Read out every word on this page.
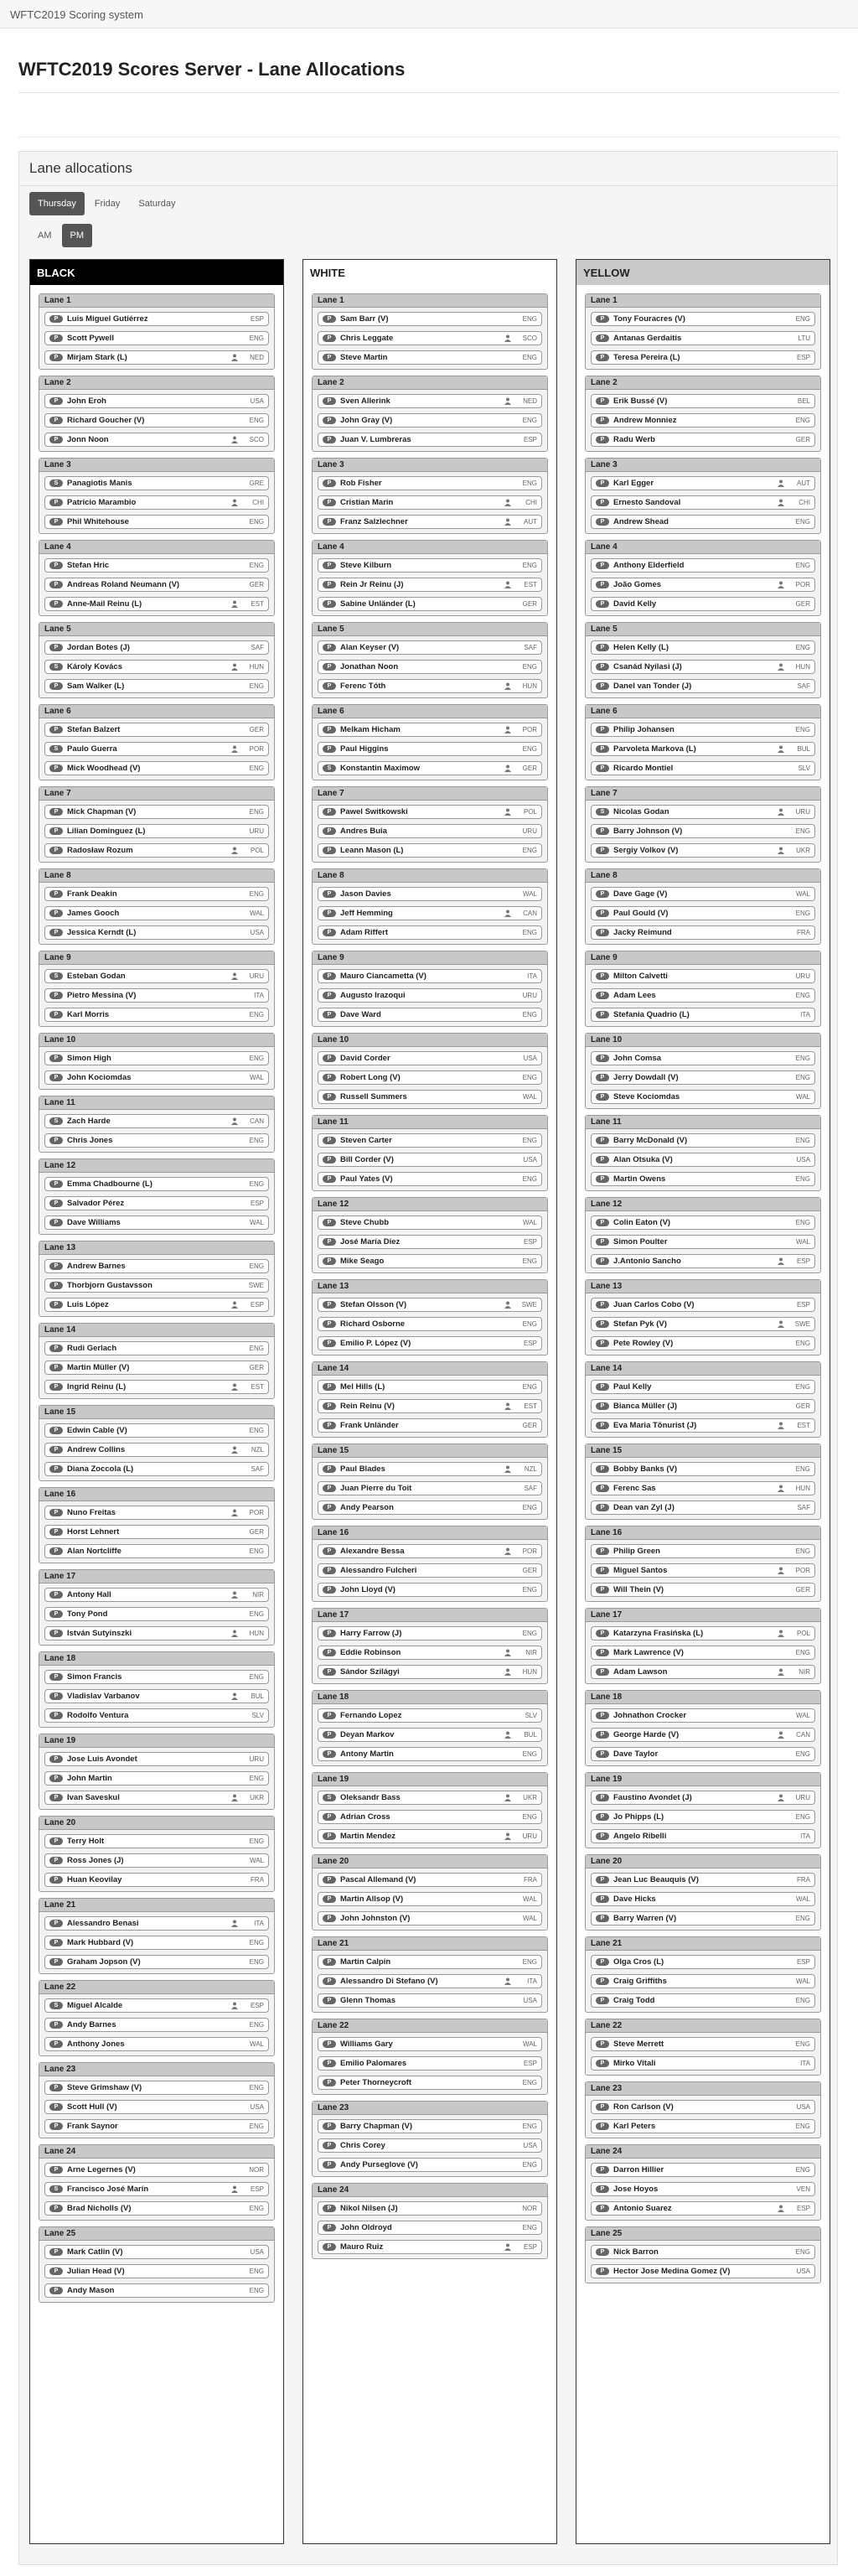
WFTC2019 Scoring system
WFTC2019 Scores Server - Lane Allocations
Lane allocations
Thursday Friday Saturday
AM PM
BLACK
Lane 1
P	Luis Miguel Gutiérrez	ESP
P	Scott Pywell	ENG
P	Mirjam Stark (L)	NED
Lane 2
P	John Eroh	USA
P	Richard Goucher (V)	ENG
P	Jonn Noon	SCO
Lane 3
S	Panagiotis Manis	GRE
P	Patricio Marambio	CHI
P	Phil Whitehouse	ENG
Lane 4
P	Stefan Hric	ENG
P	Andreas Roland Neumann (V)	GER
P	Anne-Mail Reinu (L)	EST
Lane 5
P	Jordan Botes (J)	SAF
S	Károly Kovács	HUN
P	Sam Walker (L)	ENG
Lane 6
P	Stefan Balzert	GER
S	Paulo Guerra	POR
P	Mick Woodhead (V)	ENG
Lane 7
P	Mick Chapman (V)	ENG
P	Lilian Dominguez (L)	URU
P	Radosław Rozum	POL
Lane 8
P	Frank Deakin	ENG
P	James Gooch	WAL
P	Jessica Kerndt (L)	USA
Lane 9
S	Esteban Godan	URU
P	Pietro Messina (V)	ITA
P	Karl Morris	ENG
Lane 10
P	Simon High	ENG
P	John Kociomdas	WAL
Lane 11
S	Zach Harde	CAN
P	Chris Jones	ENG
Lane 12
P	Emma Chadbourne (L)	ENG
P	Salvador Pérez	ESP
P	Dave Williams	WAL
Lane 13
P	Andrew Barnes	ENG
P	Thorbjorn Gustavsson	SWE
P	Luis López	ESP
Lane 14
P	Rudi Gerlach	ENG
P	Martin Müller (V)	GER
P	Ingrid Reinu (L)	EST
Lane 15
P	Edwin Cable (V)	ENG
P	Andrew Collins	NZL
P	Diana Zoccola (L)	SAF
Lane 16
P	Nuno Freitas	POR
P	Horst Lehnert	GER
P	Alan Nortcliffe	ENG
Lane 17
P	Antony Hall	NIR
P	Tony Pond	ENG
P	István Sutyinszki	HUN
Lane 18
P	Simon Francis	ENG
P	Vladislav Varbanov	BUL
P	Rodolfo Ventura	SLV
Lane 19
P	Jose Luis Avondet	URU
P	John Martin	ENG
P	Ivan Saveskul	UKR
Lane 20
P	Terry Holt	ENG
P	Ross Jones (J)	WAL
P	Huan Keovilay	FRA
Lane 21
P	Alessandro Benasi	ITA
P	Mark Hubbard (V)	ENG
P	Graham Jopson (V)	ENG
Lane 22
S	Miguel Alcalde	ESP
P	Andy Barnes	ENG
P	Anthony Jones	WAL
Lane 23
P	Steve Grimshaw (V)	ENG
P	Scott Hull (V)	USA
P	Frank Saynor	ENG
Lane 24
P	Arne Legernes (V)	NOR
S	Francisco José Marín	ESP
P	Brad Nicholls (V)	ENG
Lane 25
P	Mark Catlin (V)	USA
P	Julian Head (V)	ENG
P	Andy Mason	ENG
WHITE
Lane 1
P	Sam Barr (V)	ENG
P	Chris Leggate	SCO
P	Steve Martin	ENG
Lane 2
P	Sven Allerink	NED
P	John Gray (V)	ENG
P	Juan V. Lumbreras	ESP
Lane 3
P	Rob Fisher	ENG
P	Cristian Marin	CHI
P	Franz Salzlechner	AUT
Lane 4
P	Steve Kilburn	ENG
P	Rein Jr Reinu (J)	EST
P	Sabine Unländer (L)	GER
Lane 5
P	Alan Keyser (V)	SAF
P	Jonathan Noon	ENG
P	Ferenc Tóth	HUN
Lane 6
P	Melkam Hicham	POR
P	Paul Higgins	ENG
S	Konstantin Maximow	GER
Lane 7
P	Pawel Switkowski	POL
P	Andres Buia	URU
P	Leann Mason (L)	ENG
Lane 8
P	Jason Davies	WAL
P	Jeff Hemming	CAN
P	Adam Riffert	ENG
Lane 9
P	Mauro Ciancametta (V)	ITA
P	Augusto Irazoqui	URU
P	Dave Ward	ENG
Lane 10
P	David Corder	USA
P	Robert Long (V)	ENG
P	Russell Summers	WAL
Lane 11
P	Steven Carter	ENG
P	Bill Corder (V)	USA
P	Paul Yates (V)	ENG
Lane 12
P	Steve Chubb	WAL
P	José María Díez	ESP
P	Mike Seago	ENG
Lane 13
P	Stefan Olsson (V)	SWE
P	Richard Osborne	ENG
P	Emilio P. López (V)	ESP
Lane 14
P	Mel Hills (L)	ENG
P	Rein Reinu (V)	EST
P	Frank Unländer	GER
Lane 15
P	Paul Blades	NZL
P	Juan Pierre du Toit	SAF
P	Andy Pearson	ENG
Lane 16
P	Alexandre Bessa	POR
P	Alessandro Fulcheri	GER
P	John Lloyd (V)	ENG
Lane 17
P	Harry Farrow (J)	ENG
P	Eddie Robinson	NIR
P	Sándor Szilágyi	HUN
Lane 18
P	Fernando Lopez	SLV
P	Deyan Markov	BUL
P	Antony Martin	ENG
Lane 19
S	Oleksandr Bass	UKR
P	Adrian Cross	ENG
P	Martin Mendez	URU
Lane 20
P	Pascal Allemand (V)	FRA
P	Martin Allsop (V)	WAL
P	John Johnston (V)	WAL
Lane 21
P	Martin Calpin	ENG
P	Alessandro Di Stefano (V)	ITA
P	Glenn Thomas	USA
Lane 22
P	Williams Gary	WAL
P	Emilio Palomares	ESP
P	Peter Thorneycroft	ENG
Lane 23
P	Barry Chapman (V)	ENG
P	Chris Corey	USA
P	Andy Purseglove (V)	ENG
Lane 24
P	Nikol Nilsen (J)	NOR
P	John Oldroyd	ENG
P	Mauro Ruiz	ESP
YELLOW
Lane 1
P	Tony Fouracres (V)	ENG
P	Antanas Gerdaitis	LTU
P	Teresa Pereira (L)	ESP
Lane 2
P	Erik Bussé (V)	BEL
P	Andrew Monniez	ENG
P	Radu Werb	GER
Lane 3
P	Karl Egger	AUT
P	Ernesto Sandoval	CHI
P	Andrew Shead	ENG
Lane 4
P	Anthony Elderfield	ENG
P	João Gomes	POR
P	David Kelly	GER
Lane 5
P	Helen Kelly (L)	ENG
P	Csanád Nyilasi (J)	HUN
P	Danel van Tonder (J)	SAF
Lane 6
P	Philip Johansen	ENG
P	Parvoleta Markova (L)	BUL
P	Ricardo Montiel	SLV
Lane 7
S	Nicolas Godan	URU
P	Barry Johnson (V)	ENG
P	Sergiy Volkov (V)	UKR
Lane 8
P	Dave Gage (V)	WAL
P	Paul Gould (V)	ENG
P	Jacky Reimund	FRA
Lane 9
P	Milton Calvetti	URU
P	Adam Lees	ENG
P	Stefania Quadrio (L)	ITA
Lane 10
P	John Comsa	ENG
P	Jerry Dowdall (V)	ENG
P	Steve Kociomdas	WAL
Lane 11
P	Barry McDonald (V)	ENG
P	Alan Otsuka (V)	USA
P	Martin Owens	ENG
Lane 12
P	Colin Eaton (V)	ENG
P	Simon Poulter	WAL
P	J.Antonio Sancho	ESP
Lane 13
P	Juan Carlos Cobo (V)	ESP
P	Stefan Pyk (V)	SWE
P	Pete Rowley (V)	ENG
Lane 14
P	Paul Kelly	ENG
P	Bianca Müller (J)	GER
P	Eva Maria Tõnurist (J)	EST
Lane 15
P	Bobby Banks (V)	ENG
P	Ferenc Sas	HUN
P	Dean van Zyl (J)	SAF
Lane 16
P	Philip Green	ENG
P	Miguel Santos	POR
P	Will Thein (V)	GER
Lane 17
P	Katarzyna Frasińska (L)	POL
P	Mark Lawrence (V)	ENG
P	Adam Lawson	NIR
Lane 18
P	Johnathon Crocker	WAL
P	George Harde (V)	CAN
P	Dave Taylor	ENG
Lane 19
P	Faustino Avondet (J)	URU
P	Jo Phipps (L)	ENG
P	Angelo Ribelli	ITA
Lane 20
P	Jean Luc Beauquis (V)	FRA
P	Dave Hicks	WAL
P	Barry Warren (V)	ENG
Lane 21
P	Olga Cros (L)	ESP
P	Craig Griffiths	WAL
P	Craig Todd	ENG
Lane 22
P	Steve Merrett	ENG
P	Mirko Vitali	ITA
Lane 23
P	Ron Carlson (V)	USA
P	Karl Peters	ENG
Lane 24
P	Darron Hillier	ENG
P	Jose Hoyos	VEN
P	Antonio Suarez	ESP
Lane 25
P	Nick Barron	ENG
P	Hector Jose Medina Gomez (V)	USA
